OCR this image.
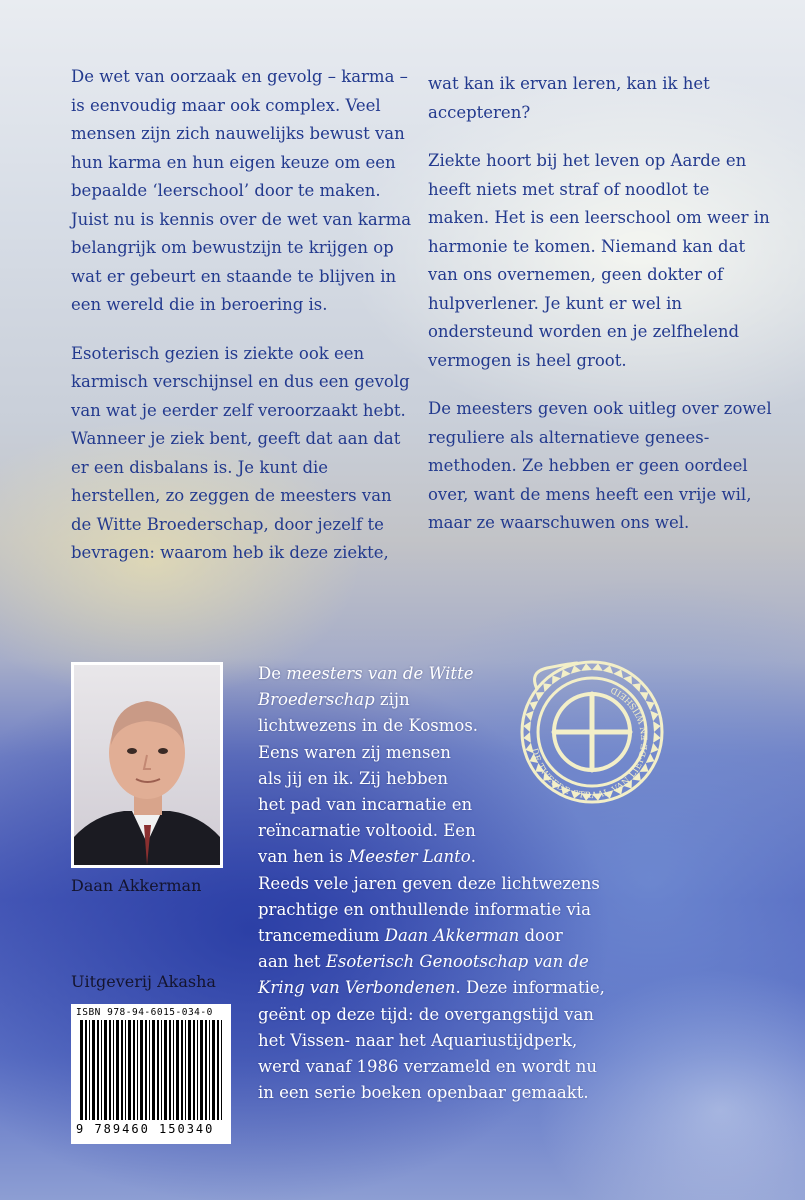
De wet van oorzaak en gevolg – karma – is eenvoudig maar ook complex. Veel mensen zijn zich nauwelijks bewust van hun karma en hun eigen keuze om een bepaalde ‘leerschool’ door te maken. Juist nu is kennis over de wet van karma belangrijk om bewustzijn te krijgen op wat er gebeurt en staande te blijven in een wereld die in beroering is.

Esoterisch gezien is ziekte ook een karmisch verschijnsel en dus een gevolg van wat je eerder zelf veroorzaakt hebt. Wanneer je ziek bent, geeft dat aan dat er een disbalans is. Je kunt die herstellen, zo zeggen de meesters van de Witte Broederschap, door jezelf te bevragen: waarom heb ik deze ziekte,

wat kan ik ervan leren, kan ik het accepteren?

Ziekte hoort bij het leven op Aarde en heeft niets met straf of noodlot te maken. Het is een leerschool om weer in harmonie te komen. Niemand kan dat van ons overnemen, geen dokter of hulpverlener. Je kunt er wel in ondersteund worden en je zelfhelend vermogen is heel groot.

De meesters geven ook uitleg over zowel reguliere als alternatieve genees-methoden. Ze hebben er geen oordeel over, want de mens heeft een vrije wil, maar ze waarschuwen ons wel.

Daan Akkerman
Uitgeverij Akasha
ISBN 978-94-6015-034-0
9 789460 150340
De meesters van de Witte
Broederschap zijn
lichtwezens in de Kosmos.
Eens waren zij mensen
als jij en ik. Zij hebben
het pad van incarnatie en
reïncarnatie voltooid. Een
van hen is Meester Lanto.
Reeds vele jaren geven deze lichtwezens
prachtige en onthullende informatie via
trancemedium Daan Akkerman door
aan het Esoterisch Genootschap van de
Kring van Verbondenen. Deze informatie,
geënt op deze tijd: de overgangstijd van
het Vissen- naar het Aquariustijdperk,
werd vanaf 1986 verzameld en wordt nu
in een serie boeken openbaar gemaakt.
DE TWEEDE STRAAL VAN LIEFDE EN WIJSHEID
